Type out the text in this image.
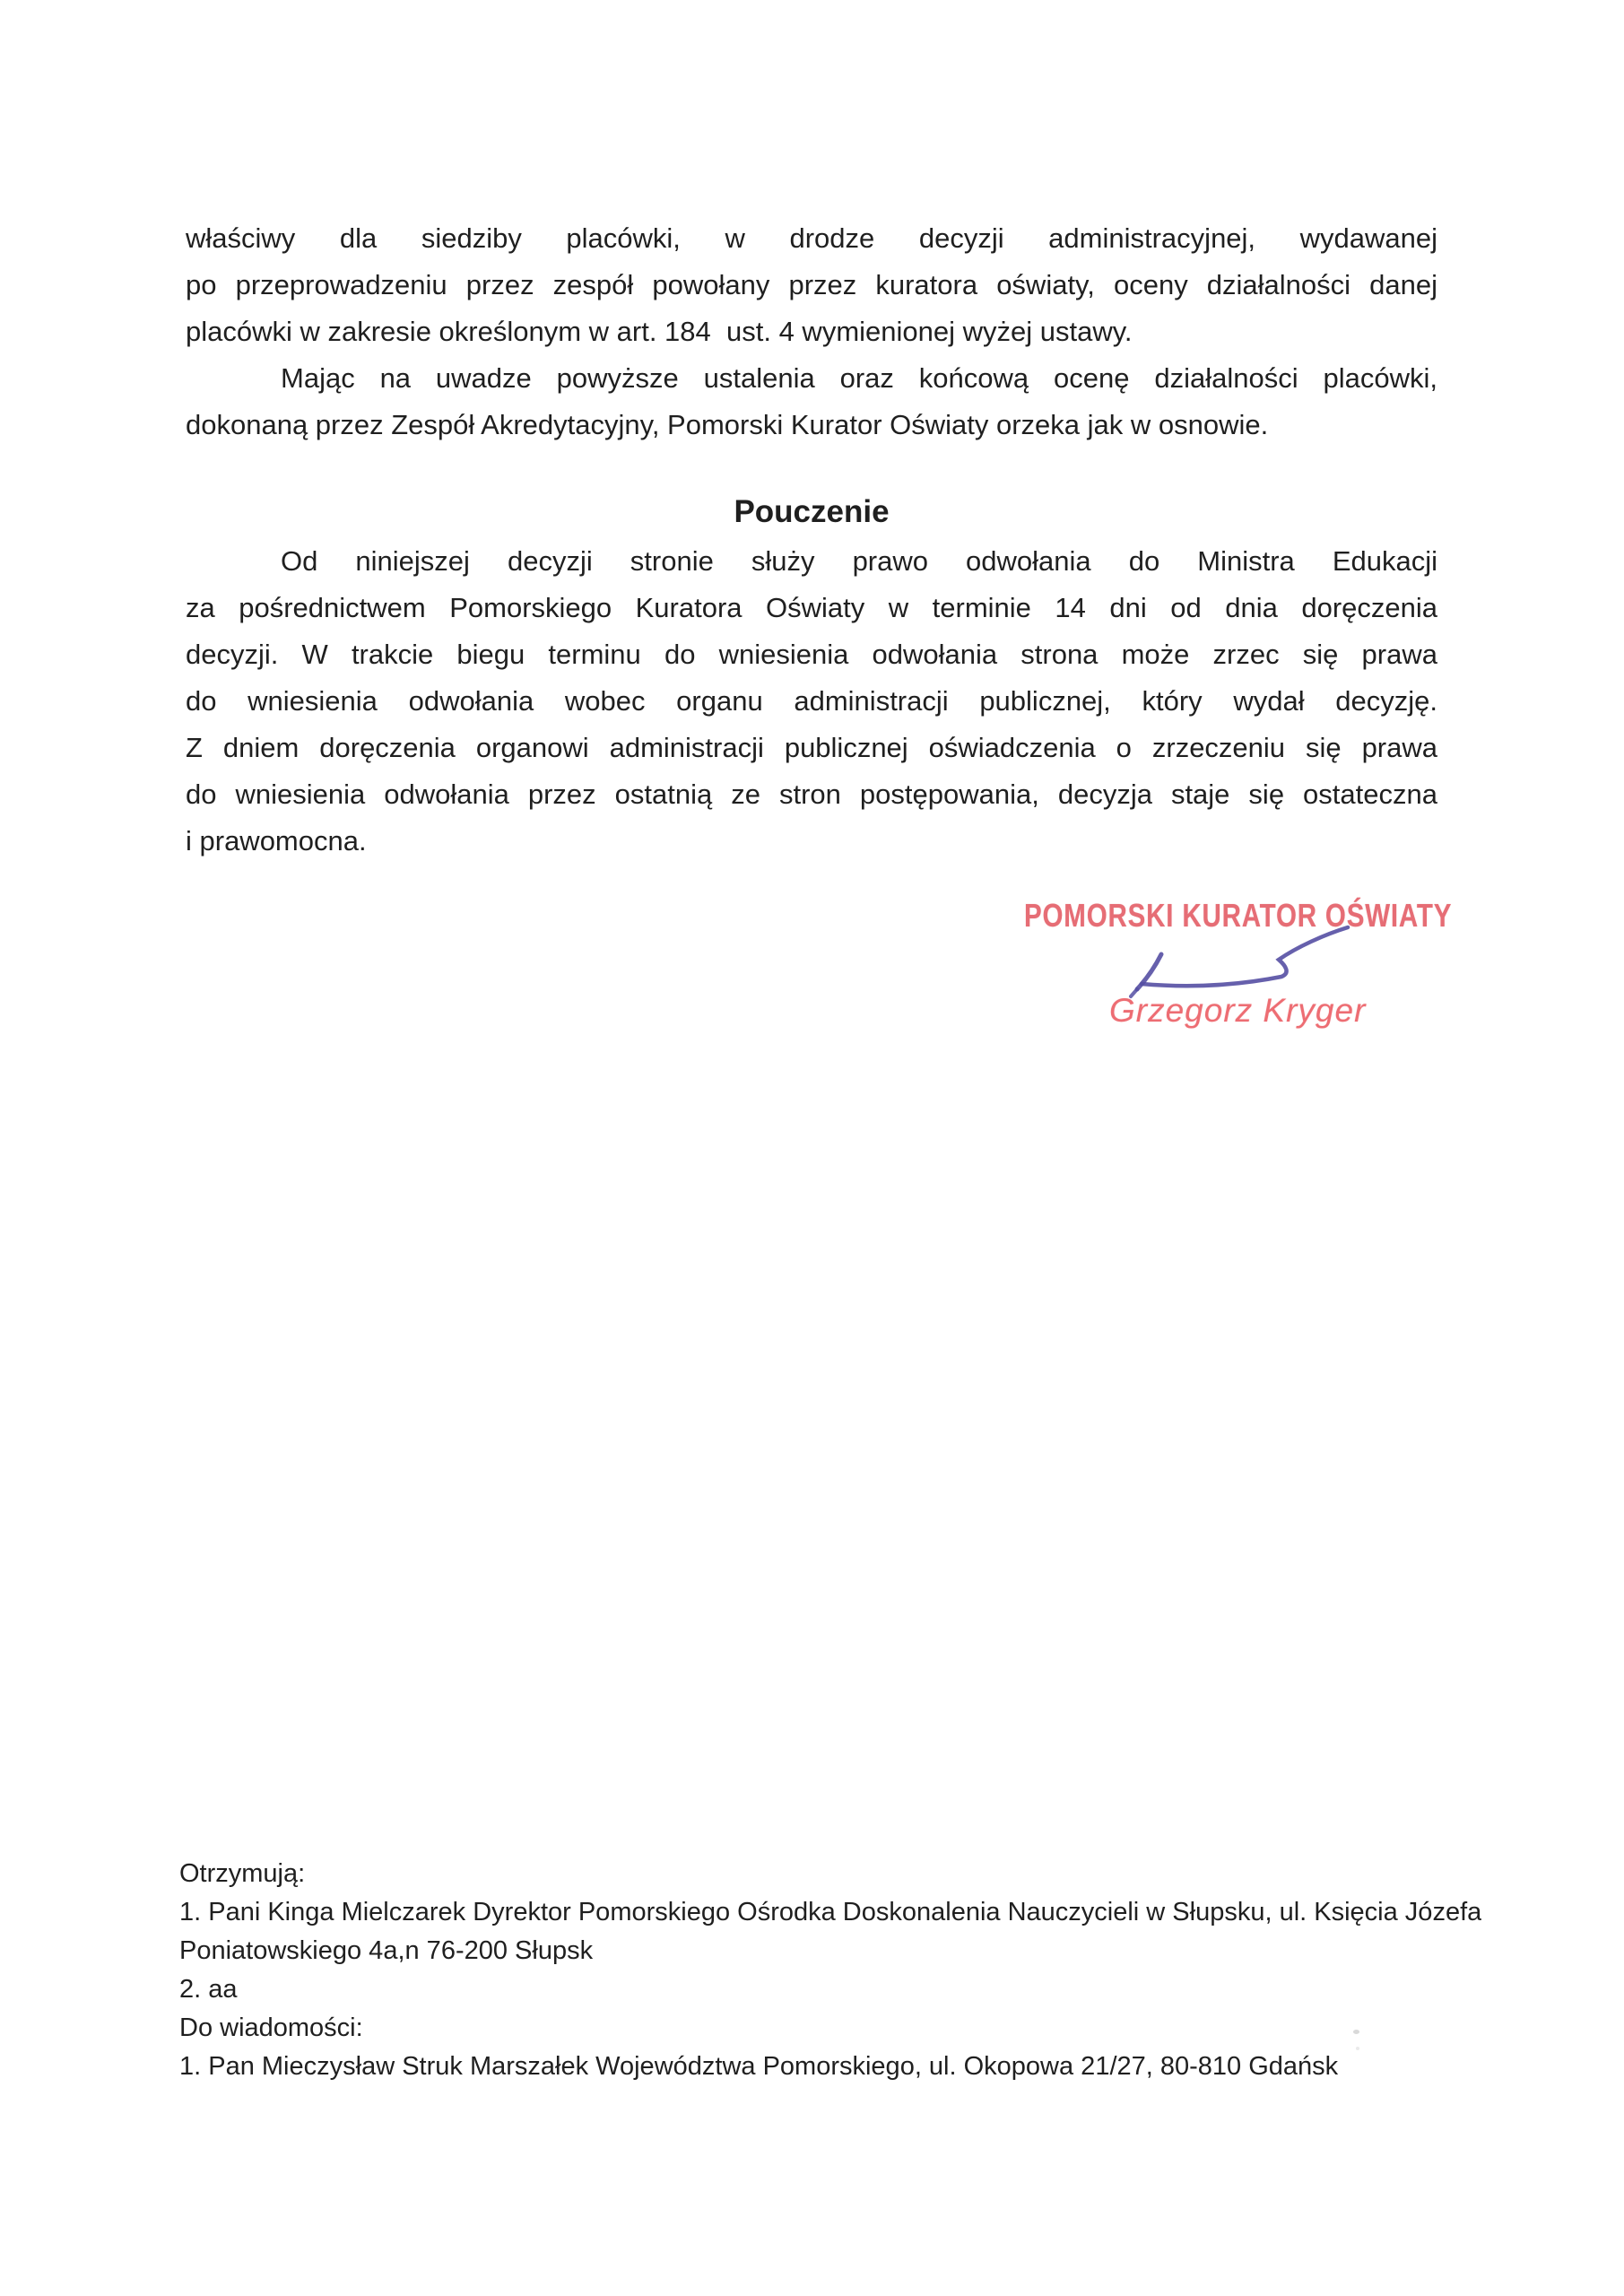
właściwy dla siedziby placówki, w drodze decyzji administracyjnej, wydawanej
po przeprowadzeniu przez zespół powołany przez kuratora oświaty, oceny działalności danej
placówki w zakresie określonym w art. 184  ust. 4 wymienionej wyżej ustawy.
Mając na uwadze powyższe ustalenia oraz końcową ocenę działalności placówki,
dokonaną przez Zespół Akredytacyjny, Pomorski Kurator Oświaty orzeka jak w osnowie.
Pouczenie
Od niniejszej decyzji stronie służy prawo odwołania do Ministra Edukacji
za pośrednictwem Pomorskiego Kuratora Oświaty w terminie 14 dni od dnia doręczenia
decyzji. W trakcie biegu terminu do wniesienia odwołania strona może zrzec się prawa
do wniesienia odwołania wobec organu administracji publicznej, który wydał decyzję.
Z dniem doręczenia organowi administracji publicznej oświadczenia o zrzeczeniu się prawa
do wniesienia odwołania przez ostatnią ze stron postępowania, decyzja staje się ostateczna
i prawomocna.
POMORSKI KURATOR OŚWIATY
Grzegorz Kryger
Otrzymują:
1. Pani Kinga Mielczarek Dyrektor Pomorskiego Ośrodka Doskonalenia Nauczycieli w Słupsku, ul. Księcia Józefa
Poniatowskiego 4a,n 76-200 Słupsk
2. aa
Do wiadomości:
1. Pan Mieczysław Struk Marszałek Województwa Pomorskiego, ul. Okopowa 21/27, 80-810 Gdańsk
